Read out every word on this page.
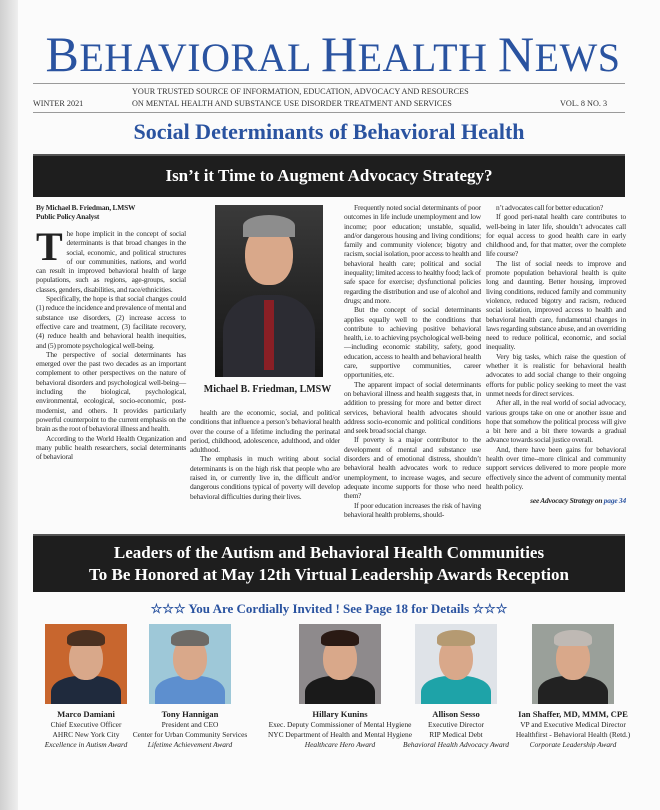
BEHAVIORAL HEALTH NEWS
YOUR TRUSTED SOURCE OF INFORMATION, EDUCATION, ADVOCACY AND RESOURCES
WINTER 2021	ON MENTAL HEALTH AND SUBSTANCE USE DISORDER TREATMENT AND SERVICES	VOL. 8 NO. 3
Social Determinants of Behavioral Health
Isn’t it Time to Augment Advocacy Strategy?
By Michael B. Friedman, LMSW
Public Policy Analyst

The hope implicit in the concept of social determinants is that broad changes in the social, economic, and political structures of our communities, nations, and world can result in improved behavioral health of large populations, such as regions, age-groups, social classes, genders, disabilities, and race/ethnicities.

Specifically, the hope is that social changes could (1) reduce the incidence and prevalence of mental and substance use disorders, (2) increase access to effective care and treatment, (3) facilitate recovery, (4) reduce health and behavioral health inequities, and (5) promote psychological well-being.

The perspective of social determinants has emerged over the past two decades as an important complement to other perspectives on the nature of behavioral disorders and psychological well-being—including the biological, psychological, environmental, ecological, socio-economic, post-modernist, and others. It provides particularly powerful counterpoint to the current emphasis on the brain as the root of behavioral illness and health.

According to the World Health Organization and many public health researchers, social determinants of behavioral

Michael B. Friedman, LMSW

health are the economic, social, and political conditions that influence a person’s behavioral health over the course of a lifetime including the perinatal period, childhood, adolescence, adulthood, and older adulthood.

The emphasis in much writing about social determinants is on the high risk that people who are raised in, or currently live in, the difficult and/or dangerous conditions typical of poverty will develop behavioral difficulties during their lives.

Frequently noted social determinants of poor outcomes in life include unemployment and low income; poor education; unstable, squalid, and/or dangerous housing and living conditions; family and community violence; bigotry and racism, social isolation, poor access to health and behavioral health care; political and social inequality; limited access to healthy food; lack of safe space for exercise; dysfunctional policies regarding the distribution and use of alcohol and drugs; and more.

But the concept of social determinants applies equally well to the conditions that contribute to achieving positive behavioral health, i.e. to achieving psychological well-being—including economic stability, safety, good education, access to health and behavioral health care, supportive communities, career opportunities, etc.

The apparent impact of social determinants on behavioral illness and health suggests that, in addition to pressing for more and better direct services, behavioral health advocates should address socio-economic and political conditions and seek broad social change.

If poverty is a major contributor to the development of mental and substance use disorders and of emotional distress, shouldn’t behavioral health advocates work to reduce unemployment, to increase wages, and secure adequate income supports for those who need them?

If poor education increases the risk of having behavioral health problems, should-

n’t advocates call for better education?

If good peri-natal health care contributes to well-being in later life, shouldn’t advocates call for equal access to good health care in early childhood and, for that matter, over the complete life course?

The list of social needs to improve and promote population behavioral health is quite long and daunting. Better housing, improved living conditions, reduced family and community violence, reduced bigotry and racism, reduced social isolation, improved access to health and behavioral health care, fundamental changes in laws regarding substance abuse, and an overriding need to reduce political, economic, and social inequality.

Very big tasks, which raise the question of whether it is realistic for behavioral health advocates to add social change to their ongoing efforts for public policy seeking to meet the vast unmet needs for direct services.

After all, in the real world of social advocacy, various groups take on one or another issue and hope that somehow the political process will give a bit here and a bit there towards a gradual advance towards social justice overall.

And, there have been gains for behavioral health over time--more clinical and community support services delivered to more people more effectively since the advent of community mental health policy.

see Advocacy Strategy on page 34
Leaders of the Autism and Behavioral Health Communities
To Be Honored at May 12th Virtual Leadership Awards Reception
☆☆☆ You Are Cordially Invited ! See Page 18 for Details ☆☆☆
Marco Damiani
Chief Executive Officer
AHRC New York City
Excellence in Autism Award
Tony Hannigan
President and CEO
Center for Urban Community Services
Lifetime Achievement Award
Hillary Kunins
Exec. Deputy Commissioner of Mental Hygiene
NYC Department of Health and Mental Hygiene
Healthcare Hero Award
Allison Sesso
Executive Director
RIP Medical Debt
Behavioral Health Advocacy Award
Ian Shaffer, MD, MMM, CPE
VP and Executive Medical Director
Healthfirst - Behavioral Health (Retd.)
Corporate Leadership Award
